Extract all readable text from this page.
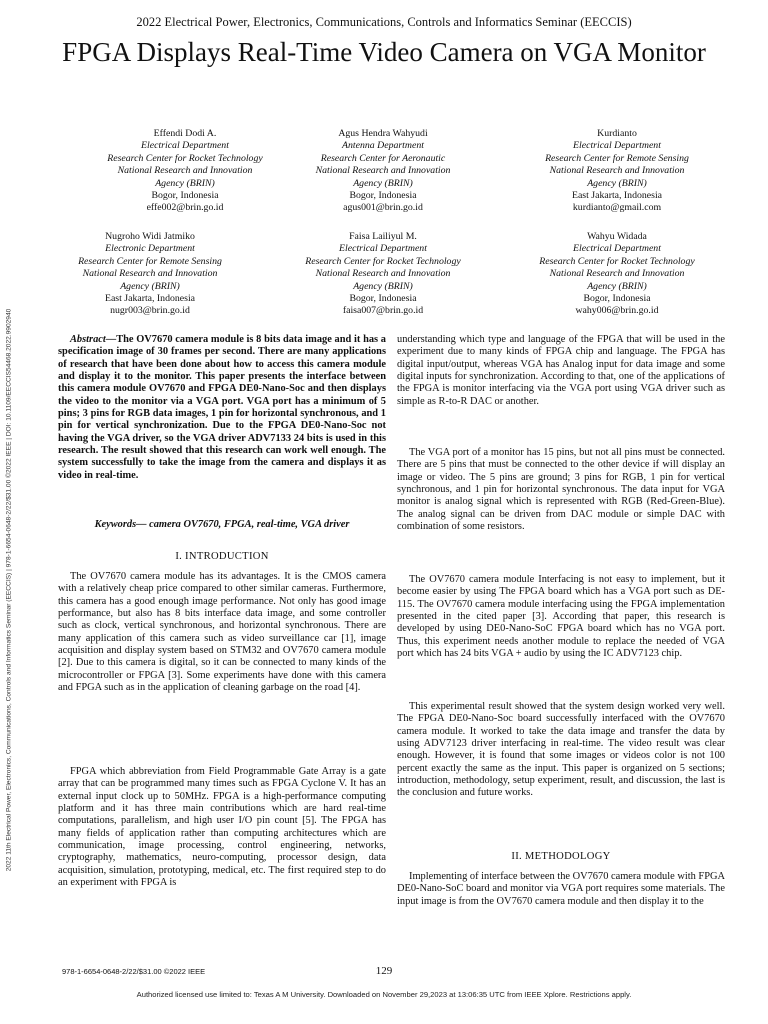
2022 Electrical Power, Electronics, Communications, Controls and Informatics Seminar (EECCIS)
FPGA Displays Real-Time Video Camera on VGA Monitor
2022 11th Electrical Power, Electronics, Communications, Controls and Informatics Seminar (EECCIS) | 978-1-6654-0648-2/22/$31.00 ©2022 IEEE | DOI: 10.1109/EECCIS54468.2022.9902940
Effendi Dodi A.
Electrical Department
Research Center for Rocket Technology
National Research and Innovation
Agency (BRIN)
Bogor, Indonesia
effe002@brin.go.id
Agus Hendra Wahyudi
Antenna Department
Research Center for Aeronautic
National Research and Innovation
Agency (BRIN)
Bogor, Indonesia
agus001@brin.go.id
Kurdianto
Electrical Department
Research Center for Remote Sensing
National Research and Innovation
Agency (BRIN)
East Jakarta, Indonesia
kurdianto@gmail.com
Nugroho Widi Jatmiko
Electronic Department
Research Center for Remote Sensing
National Research and Innovation
Agency (BRIN)
East Jakarta, Indonesia
nugr003@brin.go.id
Faisa Lailiyul M.
Electrical Department
Research Center for Rocket Technology
National Research and Innovation
Agency (BRIN)
Bogor, Indonesia
faisa007@brin.go.id
Wahyu Widada
Electrical Department
Research Center for Rocket Technology
National Research and Innovation
Agency (BRIN)
Bogor, Indonesia
wahy006@brin.go.id

Abstract—The OV7670 camera module is 8 bits data image and it has a specification image of 30 frames per second. There are many applications of research that have been done about how to access this camera module and display it to the monitor. This paper presents the interface between this camera module OV7670 and FPGA DE0-Nano-Soc and then displays the video to the monitor via a VGA port. VGA port has a minimum of 5 pins; 3 pins for RGB data images, 1 pin for horizontal synchronous, and 1 pin for vertical synchronization. Due to the FPGA DE0-Nano-Soc not having the VGA driver, so the VGA driver ADV7133 24 bits is used in this research. The result showed that this research can work well enough. The system successfully to take the image from the camera and displays it as video in real-time.

Keywords— camera OV7670, FPGA, real-time, VGA driver

I. INTRODUCTION

The OV7670 camera module has its advantages. It is the CMOS camera with a relatively cheap price compared to other similar cameras. Furthermore, this camera has a good enough image performance. Not only has good image performance, but also has 8 bits interface data image, and some controller such as clock, vertical synchronous, and horizontal synchronous. There are many application of this camera such as video surveillance car [1], image acquisition and display system based on STM32 and OV7670 camera module [2]. Due to this camera is digital, so it can be connected to many kinds of the microcontroller or FPGA [3]. Some experiments have done with this camera and FPGA such as in the application of cleaning garbage on the road [4].

FPGA which abbreviation from Field Programmable Gate Array is a gate array that can be programmed many times such as FPGA Cyclone V. It has an external input clock up to 50MHz. FPGA is a high-performance computing platform and it has three main contributions which are hard real-time computations, parallelism, and high user I/O pin count [5]. The FPGA has many fields of application rather than computing architectures which are communication, image processing, control engineering, networks, cryptography, mathematics, neuro-computing, processor design, data acquisition, simulation, prototyping, medical, etc. The first required step to do an experiment with FPGA is

understanding which type and language of the FPGA that will be used in the experiment due to many kinds of FPGA chip and language. The FPGA has digital input/output, whereas VGA has Analog input for data image and some digital inputs for synchronization. According to that, one of the applications of the FPGA is monitor interfacing via the VGA port using VGA driver such as simple as R-to-R DAC or another.

The VGA port of a monitor has 15 pins, but not all pins must be connected. There are 5 pins that must be connected to the other device if will display an image or video. The 5 pins are ground; 3 pins for RGB, 1 pin for vertical synchronous, and 1 pin for horizontal synchronous. The data input for VGA monitor is analog signal which is represented with RGB (Red-Green-Blue). The analog signal can be driven from DAC module or simple DAC with combination of some resistors.

The OV7670 camera module Interfacing is not easy to implement, but it become easier by using The FPGA board which has a VGA port such as DE-115. The OV7670 camera module interfacing using the FPGA implementation presented in the cited paper [3]. According that paper, this research is developed by using DE0-Nano-SoC FPGA board which has no VGA port. Thus, this experiment needs another module to replace the needed of VGA port which has 24 bits VGA + audio by using the IC ADV7123 chip.

This experimental result showed that the system design worked very well. The FPGA DE0-Nano-Soc board successfully interfaced with the OV7670 camera module. It worked to take the data image and transfer the data by using ADV7123 driver interfacing in real-time. The video result was clear enough. However, it is found that some images or videos color is not 100 percent exactly the same as the input. This paper is organized on 5 sections; introduction, methodology, setup experiment, result, and discussion, the last is the conclusion and future works.

II. METHODOLOGY

Implementing of interface between the OV7670 camera module with FPGA DE0-Nano-SoC board and monitor via VGA port requires some materials. The input image is from the OV7670 camera module and then display it to the

978-1-6654-0648-2/22/$31.00 ©2022 IEEE	129
Authorized licensed use limited to: Texas A M University. Downloaded on November 29,2023 at 13:06:35 UTC from IEEE Xplore. Restrictions apply.
